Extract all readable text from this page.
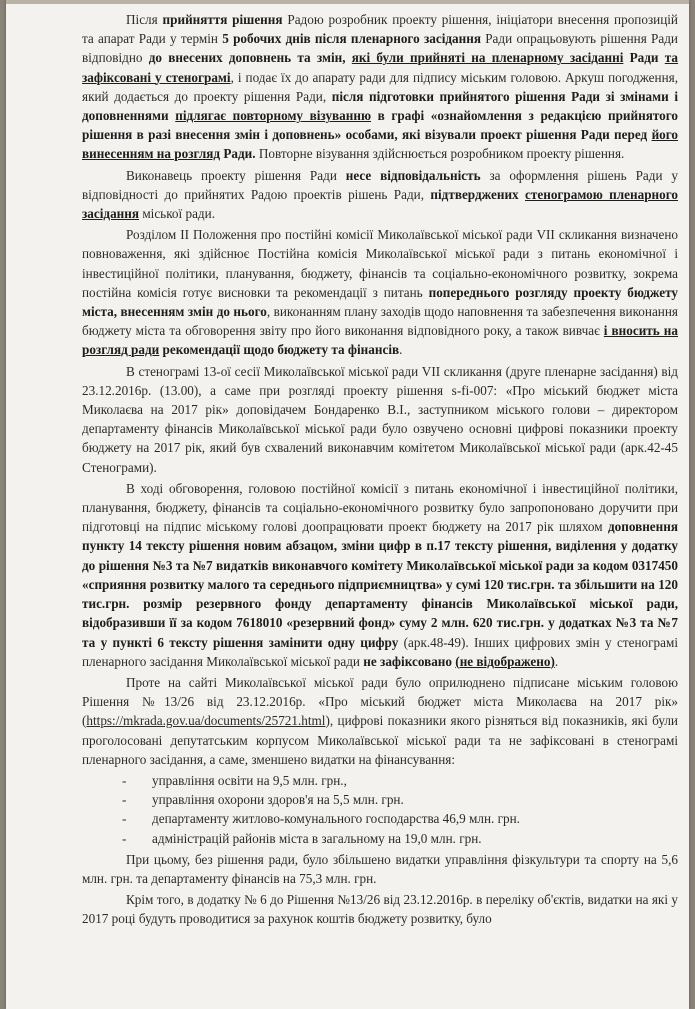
Після прийняття рішення Радою розробник проекту рішення, ініціатори внесення пропозицій та апарат Ради у термін 5 робочих днів після пленарного засідання Ради опрацьовують рішення Ради відповідно до внесених доповнень та змін, які були прийняті на пленарному засіданні Ради та зафіксовані у стенограмі, і подає їх до апарату ради для підпису міським головою. Аркуш погодження, який додається до проекту рішення Ради, після підготовки прийнятого рішення Ради зі змінами і доповненнями підлягає повторному візуванню в графі «ознайомлення з редакцією прийнятого рішення в разі внесення змін і доповнень» особами, які візували проект рішення Ради перед його винесенням на розгляд Ради. Повторне візування здійснюється розробником проекту рішення.

Виконавець проекту рішення Ради несе відповідальність за оформлення рішень Ради у відповідності до прийнятих Радою проектів рішень Ради, підтверджених стенограмою пленарного засідання міської ради.

Розділом II Положення про постійні комісії Миколаївської міської ради VII скликання визначено повноваження, які здійснює Постійна комісія Миколаївської міської ради з питань економічної і інвестиційної політики, планування, бюджету, фінансів та соціально-економічного розвитку, зокрема постійна комісія готує висновки та рекомендації з питань попереднього розгляду проекту бюджету міста, внесенням змін до нього, виконанням плану заходів щодо наповнення та забезпечення виконання бюджету міста та обговорення звіту про його виконання відповідного року, а також вивчає і вносить на розгляд ради рекомендації щодо бюджету та фінансів.

В стенограмі 13-ої сесії Миколаївської міської ради VII скликання (друге пленарне засідання) від 23.12.2016р. (13.00), а саме при розгляді проекту рішення s-fi-007: «Про міський бюджет міста Миколаєва на 2017 рік» доповідачем Бондаренко В.І., заступником міського голови – директором департаменту фінансів Миколаївської міської ради було озвучено основні цифрові показники проекту бюджету на 2017 рік, який був схвалений виконавчим комітетом Миколаївської міської ради (арк.42-45 Стенограми).

В ході обговорення, головою постійної комісії з питань економічної і інвестиційної політики, планування, бюджету, фінансів та соціально-економічного розвитку було запропоновано доручити при підготовці на підпис міському голові доопрацювати проект бюджету на 2017 рік шляхом доповнення пункту 14 тексту рішення новим абзацом, зміни цифр в п.17 тексту рішення, виділення у додатку до рішення №3 та №7 видатків виконавчого комітету Миколаївської міської ради за кодом 0317450 «сприяння розвитку малого та середнього підприємництва» у сумі 120 тис.грн. та збільшити на 120 тис.грн. розмір резервного фонду департаменту фінансів Миколаївської міської ради, відобразивши її за кодом 7618010 «резервний фонд» суму 2 млн. 620 тис.грн. у додатках №3 та №7 та у пункті 6 тексту рішення замінити одну цифру (арк.48-49). Інших цифрових змін у стенограмі пленарного засідання Миколаївської міської ради не зафіксовано (не відображено).

Проте на сайті Миколаївської міської ради було оприлюднено підписане міським головою Рішення №13/26 від 23.12.2016р. «Про міський бюджет міста Миколаєва на 2017 рік» (https://mkrada.gov.ua/documents/25721.html), цифрові показники якого різняться від показників, які були проголосовані депутатським корпусом Миколаївської міської ради та не зафіксовані в стенограмі пленарного засідання, а саме, зменшено видатки на фінансування:

- управління освіти на 9,5 млн. грн.,
- управління охорони здоров'я на 5,5 млн. грн.
- департаменту житлово-комунального господарства 46,9 млн. грн.
- адміністрацій районів міста в загальному на 19,0 млн. грн.

При цьому, без рішення ради, було збільшено видатки управління фізкультури та спорту на 5,6 млн. грн. та департаменту фінансів на 75,3 млн. грн.

Крім того, в додатку № 6 до Рішення №13/26 від 23.12.2016р. в переліку об'єктів, видатки на які у 2017 році будуть проводитися за рахунок коштів бюджету розвитку, було
